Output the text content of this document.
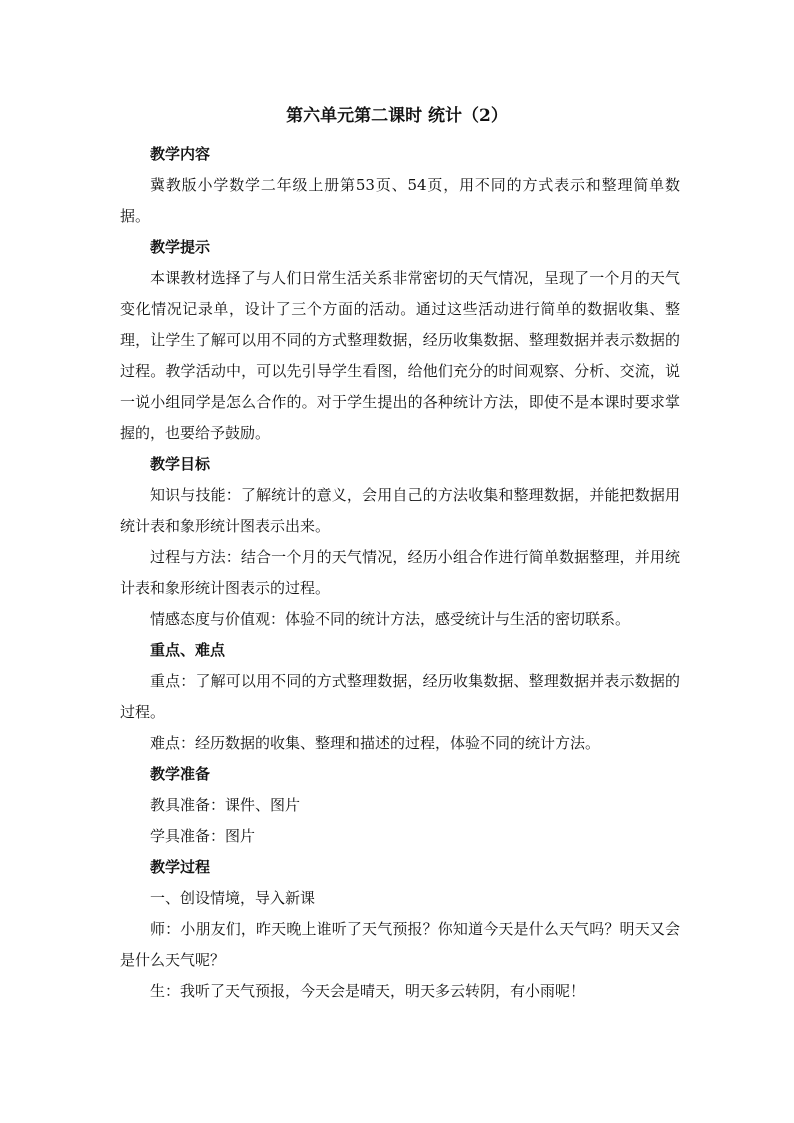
第六单元第二课时 统计（2）

教学内容

冀教版小学数学二年级上册第53页、54页，用不同的方式表示和整理简单数据。

教学提示

本课教材选择了与人们日常生活关系非常密切的天气情况，呈现了一个月的天气变化情况记录单，设计了三个方面的活动。通过这些活动进行简单的数据收集、整理，让学生了解可以用不同的方式整理数据，经历收集数据、整理数据并表示数据的过程。教学活动中，可以先引导学生看图，给他们充分的时间观察、分析、交流，说一说小组同学是怎么合作的。对于学生提出的各种统计方法，即使不是本课时要求掌握的，也要给予鼓励。

教学目标

知识与技能：了解统计的意义，会用自己的方法收集和整理数据，并能把数据用统计表和象形统计图表示出来。

过程与方法：结合一个月的天气情况，经历小组合作进行简单数据整理，并用统计表和象形统计图表示的过程。

情感态度与价值观：体验不同的统计方法，感受统计与生活的密切联系。

重点、难点

重点：了解可以用不同的方式整理数据，经历收集数据、整理数据并表示数据的过程。

难点：经历数据的收集、整理和描述的过程，体验不同的统计方法。

教学准备

教具准备：课件、图片

学具准备：图片

教学过程

一、创设情境，导入新课

师：小朋友们，昨天晚上谁听了天气预报？你知道今天是什么天气吗？明天又会是什么天气呢？

生：我听了天气预报，今天会是晴天，明天多云转阴，有小雨呢！
